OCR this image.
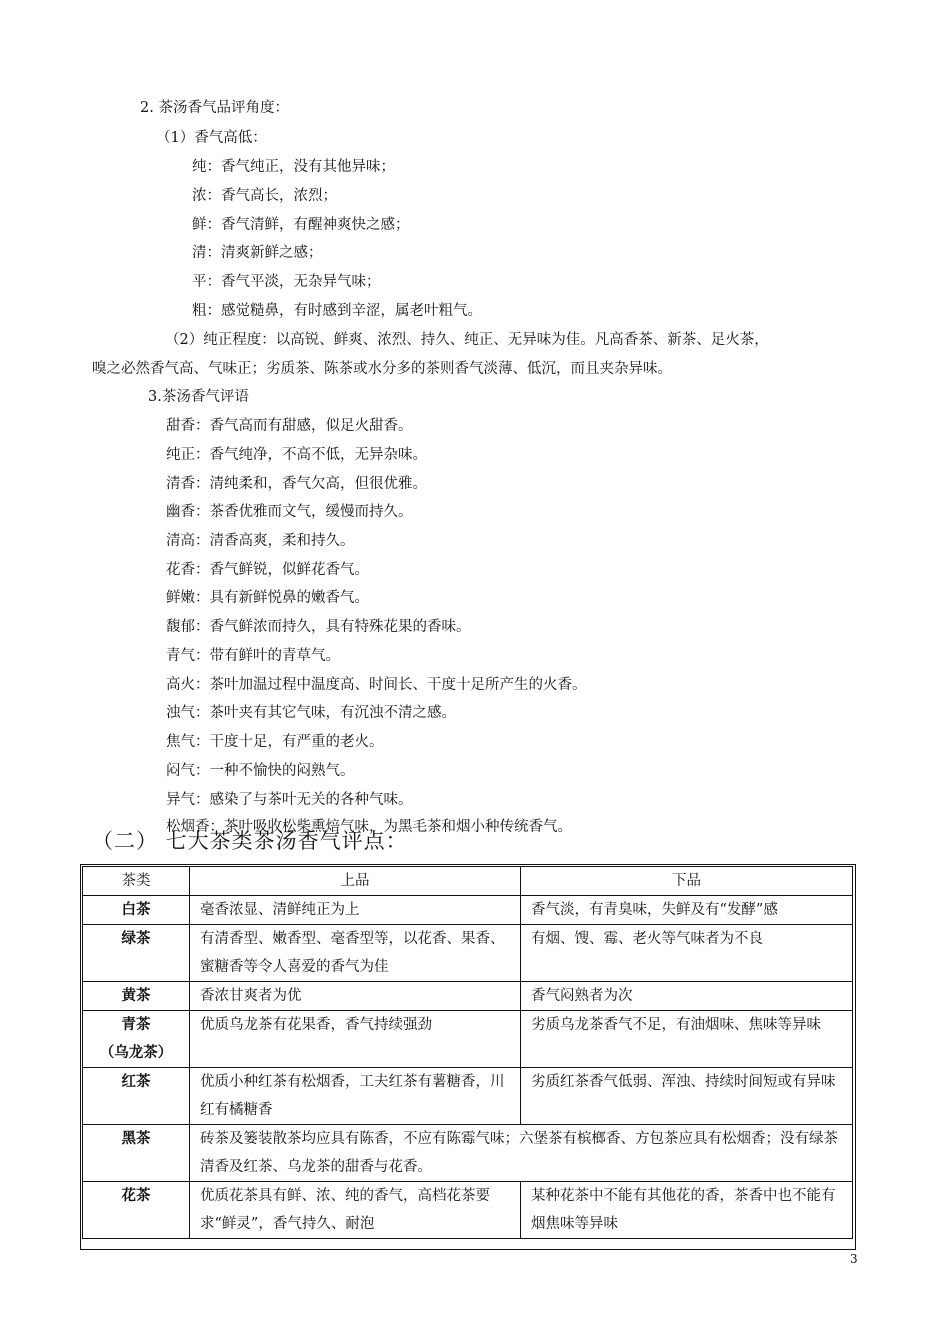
2. 茶汤香气品评角度：
（1）香气高低：
纯：香气纯正，没有其他异味；
浓：香气高长，浓烈；
鲜：香气清鲜，有醒神爽快之感；
清：清爽新鲜之感；
平：香气平淡，无杂异气味；
粗：感觉糙鼻，有时感到辛涩，属老叶粗气。
（2）纯正程度：以高锐、鲜爽、浓烈、持久、纯正、无异味为佳。凡高香茶、新茶、足火茶，
嗅之必然香气高、气味正；劣质茶、陈茶或水分多的茶则香气淡薄、低沉，而且夹杂异味。
3.茶汤香气评语
甜香：香气高而有甜感，似足火甜香。
纯正：香气纯净，不高不低，无异杂味。
清香：清纯柔和，香气欠高，但很优雅。
幽香：茶香优雅而文气，缓慢而持久。
清高：清香高爽，柔和持久。
花香：香气鲜锐，似鲜花香气。
鲜嫩：具有新鲜悦鼻的嫩香气。
馥郁：香气鲜浓而持久，具有特殊花果的香味。
青气：带有鲜叶的青草气。
高火：茶叶加温过程中温度高、时间长、干度十足所产生的火香。
浊气：茶叶夹有其它气味，有沉浊不清之感。
焦气：干度十足，有严重的老火。
闷气：一种不愉快的闷熟气。
异气：感染了与茶叶无关的各种气味。
松烟香：茶叶吸收松柴熏焙气味，为黑毛茶和烟小种传统香气。
（二） 七大茶类茶汤香气评点：
茶类	上品	下品
白茶	毫香浓显、清鲜纯正为上	香气淡，有青臭味，失鲜及有“发酵”感
绿茶	有清香型、嫩香型、毫香型等，以花香、果香、蜜糖香等令人喜爱的香气为佳	有烟、馊、霉、老火等气味者为不良
黄茶	香浓甘爽者为优	香气闷熟者为次
青茶
（乌龙茶）	优质乌龙茶有花果香，香气持续强劲	劣质乌龙茶香气不足，有油烟味、焦味等异味
红茶	优质小种红茶有松烟香，工夫红茶有薯糖香，川红有橘糖香	劣质红茶香气低弱、浑浊、持续时间短或有异味
黑茶	砖茶及篓装散茶均应具有陈香，不应有陈霉气味；六堡茶有槟榔香、方包茶应具有松烟香；没有绿茶清香及红茶、乌龙茶的甜香与花香。	
花茶	优质花茶具有鲜、浓、纯的香气，高档花茶要求“鲜灵”，香气持久、耐泡	某种花茶中不能有其他花的香，茶香中也不能有烟焦味等异味
3
